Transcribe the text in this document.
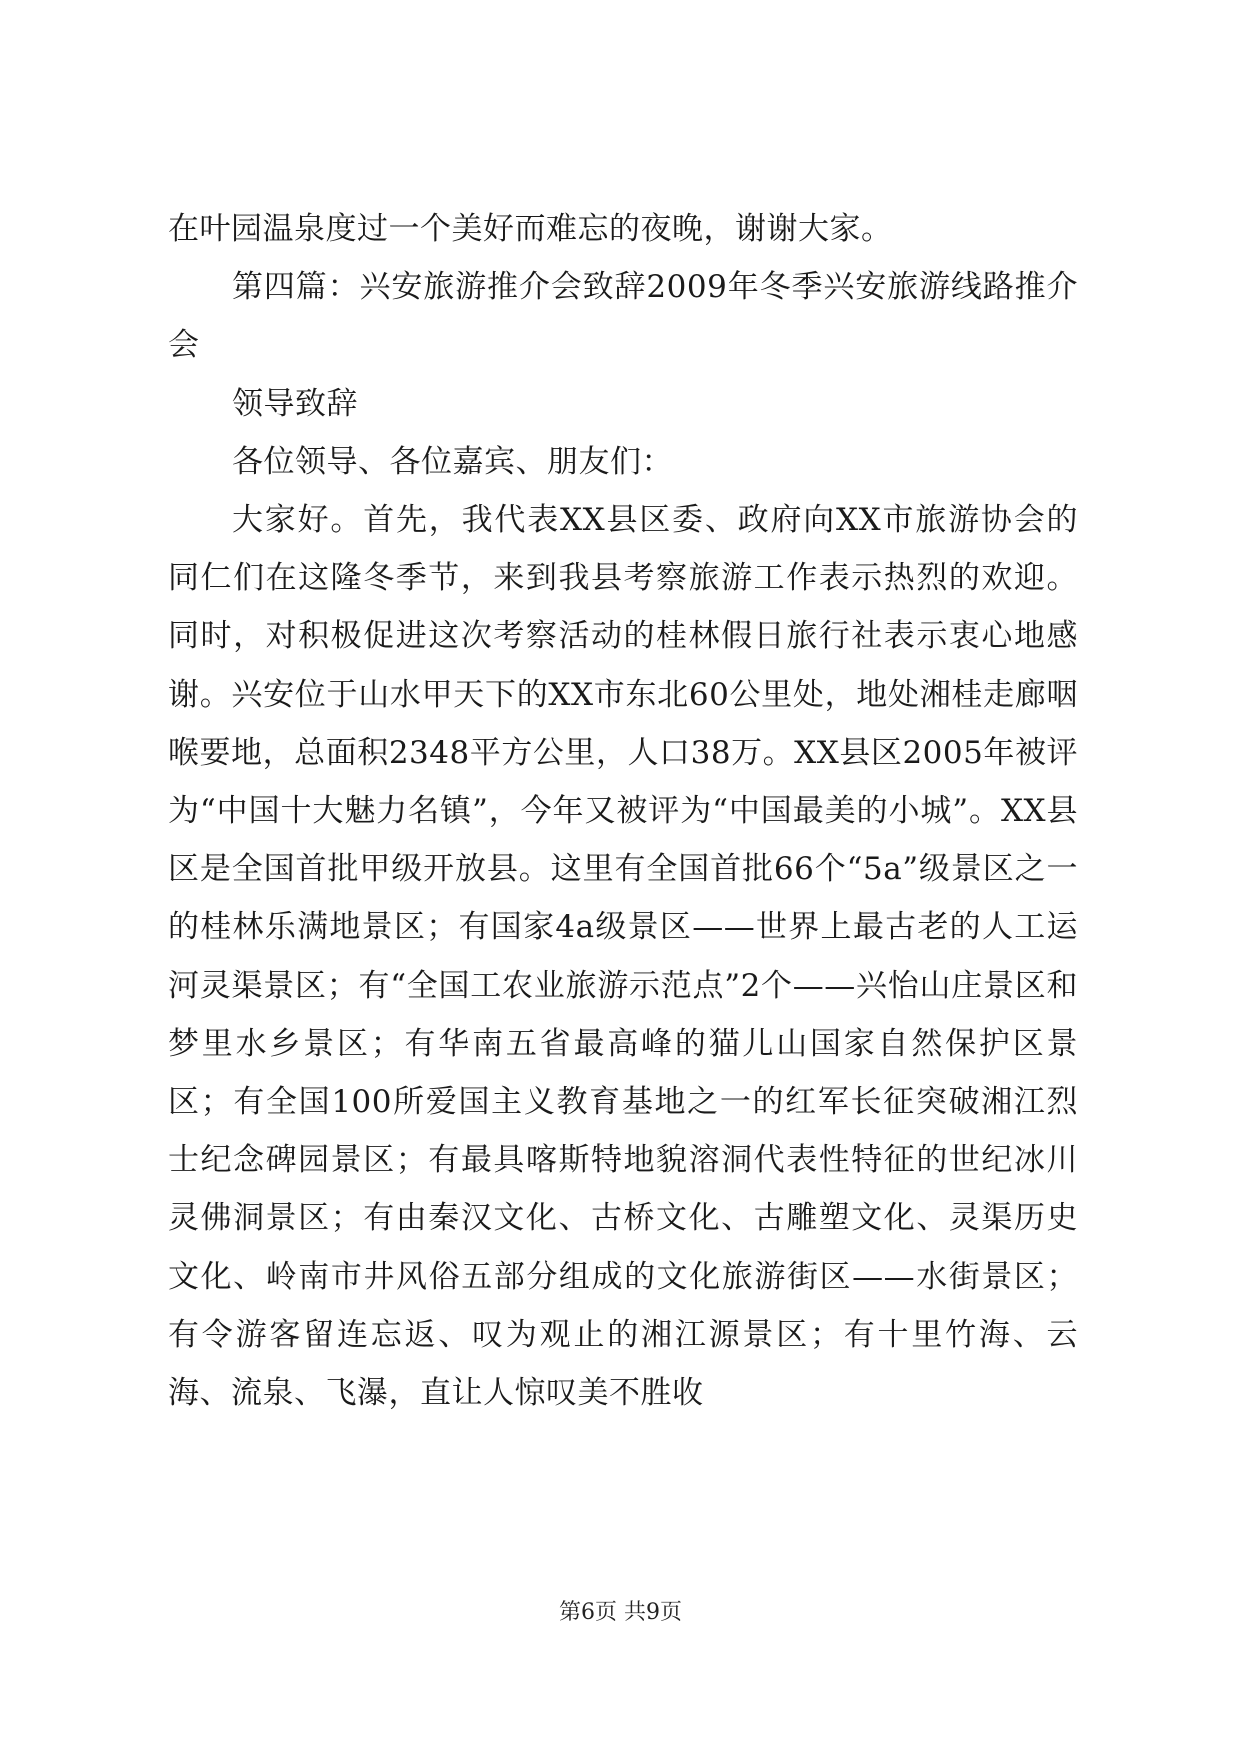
在叶园温泉度过一个美好而难忘的夜晚，谢谢大家。

第四篇：兴安旅游推介会致辞2009年冬季兴安旅游线路推介会

领导致辞

各位领导、各位嘉宾、朋友们：

大家好。首先，我代表XX县区委、政府向XX市旅游协会的同仁们在这隆冬季节，来到我县考察旅游工作表示热烈的欢迎。同时，对积极促进这次考察活动的桂林假日旅行社表示衷心地感谢。兴安位于山水甲天下的XX市东北60公里处，地处湘桂走廊咽喉要地，总面积2348平方公里，人口38万。XX县区2005年被评为“中国十大魅力名镇”，今年又被评为“中国最美的小城”。XX县区是全国首批甲级开放县。这里有全国首批66个“5a”级景区之一的桂林乐满地景区；有国家4a级景区——世界上最古老的人工运河灵渠景区；有“全国工农业旅游示范点”2个——兴怡山庄景区和梦里水乡景区；有华南五省最高峰的猫儿山国家自然保护区景区；有全国100所爱国主义教育基地之一的红军长征突破湘江烈士纪念碑园景区；有最具喀斯特地貌溶洞代表性特征的世纪冰川灵佛洞景区；有由秦汉文化、古桥文化、古雕塑文化、灵渠历史文化、岭南市井风俗五部分组成的文化旅游街区——水街景区；有令游客留连忘返、叹为观止的湘江源景区；有十里竹海、云海、流泉、飞瀑，直让人惊叹美不胜收

第6页 共9页
